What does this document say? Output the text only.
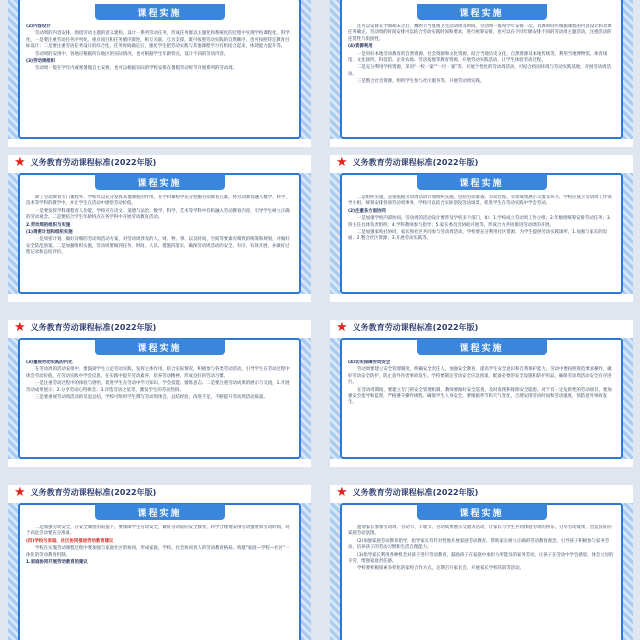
课程实施

(2)内容设计

劳动周的内容安排，围绕劳动主题的意义建构，设计一系列劳动任务，形成任务群以主题化和系统化的过程中实现学校课程化、科学化，一是要注重劳动任务序列化，重点项目和任务循序渐进，相互关联，互为支撑，既可按照劳动实践的自然顺序，也可按照特定教育目标设计；二是要注重劳动任务设计的综合化，任务时间确定后，强化学生把劳动实践与其他课程学习有机结合起来，体现能力提升等。

劳动周的安排中，各地应根据所在地区的实际情况，也可根据学生年龄特点，设计不同的劳动内容。

(3)劳动周组织

劳动周一般在学年内或寒暑假自主安排，也可以根据实际的学校安排在暑假劳动时节开展系列的劳动周。

课程实施

还可以安排在学期期末之后，精附节当复图卫生活动周等时间，劳动周一般每学年安排一次，具体时间可根据课程的内容设计和具体任务确定。劳动周的时间安排可以结合劳动实践时间和要求，进行统筹安排，也可以在不同年级安排不同的劳动周主题活动，注重活动的连贯性与衔接性。

(4)资源利用

一是用好本地劳动教育的自然资源、社会资源和文化资源，结合当地历史文化、自然资源及本地传统等，利用当地博物馆、体育场馆、文化场所、科技馆、企业农场、劳动基地等教育资源，开展劳动实践活动，让学生体验劳动过程。

二是充分利用学校资源，采用"一校一案""一区一案"等，开展个性化的劳动周活动，可结合校园环境与劳动实践基地，开展劳动周活动。

三是整合社会资源，组织学生参与社区服务等，开展劳动周实践。

★ 义务教育劳动课程标准(2022年版)
课程实施

除了劳动教育专门课程外，学校可以充分发挥其他课程的作用，在学科课程中充分挖掘劳动教育元素，将劳动教育融入数学、科学、技术等学科的教学中，并让学生在活动中感悟劳动价值。

一是要发挥学科课程育人功能，学校可在语文、道德与法治、数学、科学、艺术等学科中有机融入劳动教育内容，引导学生树立正确的劳动观念。二是要结合学生年龄特点在各学科中开展劳动教育活动。

2.劳动周的组织与实施

(1)周密计划和组织实施

一是周密计划，做好详细的劳动周活动方案，对劳动周涉及的人、财、物、事、以及时间、空间等要素有细致的统筹和规划，并做好安全防范预案。二是加强组织实施，劳动周要做到任务、时间、人员、措施四落实，确保劳动周活动的安全、有序、有效开展，并做好过程记录和总结评价。

★ 义务教育劳动课程标准(2022年版)
课程实施

二是组织实施，是指依据劳动周活动计划组织实施，包括劳动准备、劳动过程、劳动成果展示交流等环节，学校应成立劳动周工作领导小组，统筹安排各项劳动周事务，学校可以结合实际创设劳动场景，促进学生在劳动实践中学会劳动。

(2)注重各方面协同

一是加强学校内部协同。劳动周的活动设计要涉及学校多个部门，如：1.学校成立劳动周工作小组；2.年级组统筹安排劳动任务；3.班主任具体负责组织；4.学科教师参与指导；5.家长委员会协助开展等，形成合力共同推进劳动周的开展。

二是加强家校社协同，家长和社区共同参与劳动周活动，学校要充分利用社区资源，为学生提供劳动实践场所，1.加强与家长的沟通；2.整合社区资源；3.开展劳动实践等。

★ 义务教育劳动课程标准(2022年版)
课程实施

(3)重视劳动实践的内化

在劳动周的活动安排中，要鼓励学生立足劳动实践，发挥主体作用，结合实际情况，积极参与各类劳动活动，引导学生在劳动过程中体会劳动价值，在劳动实践中学会反思，在实践中提升劳动素养，培养劳动精神，形成良好的劳动习惯。

一是注重劳动过程中的体验与感悟，促进学生在劳动中学习知识、学会技能、锻炼意志；二是要注重劳动成果的展示与交流，1.开展劳动成果展示；2.分享劳动心得体会；3.评选劳动之星等，激发学生的劳动热情。

三是要重视劳动周活动的反思总结，学校可组织学生撰写劳动周体会，总结经验，改进不足，不断提升劳动周活动质量。

★ 义务教育劳动课程标准(2022年版)
课程实施

(4)切实保障劳动安全

劳动周要建立安全管理制度，明确安全责任人，加强安全教育，提高学生安全意识和自我保护能力。劳动中要按照规范要求操作，做好劳动安全防护，防止意外伤害事故发生。学校要制定劳动安全应急预案，配备必要的安全设施和防护用品，确保劳动周活动安全有序进行。

在劳动周期间，要建立专门的安全管理机制，教师要做好安全巡查，及时发现和排除安全隐患。对于有一定危险性的劳动项目，要加强安全指导和监督，严格遵守操作规程，确保学生人身安全。要根据季节和天气变化，合理安排劳动时间和劳动强度，预防意外事故发生。

★ 义务教育劳动课程标准(2022年版)
课程实施

二是加强劳动安全，在安全制度的前提下，要保障学生劳动安全，做好劳动前的安全教育，科学合理地安排劳动强度和劳动时间，对于高危劳动要充分准备。

(四)学校与家庭、社区协同推进劳动教育建议

学校在实施劳动课程过程中要加强与家庭社区的协同，形成家庭、学校、社会协同育人的劳动教育格局，构建"家庭—学校—社区"一体化的劳动教育机制。

1.家庭协同开展劳动教育的建议

★ 义务教育劳动课程标准(2022年版)
课程实施

邀请家长参加劳动周、劳动节、丰收节、劳动成果展示交流等活动，让家长与学生共同体验劳动的快乐，分享劳动成果，营造良好的家庭劳动氛围。

(2)加强家庭劳动教育指导，指导家长有针对性地开展家庭劳动教育，帮助家长树立正确的劳动教育观念，引导孩子积极参与家务劳动，培养孩子的劳动习惯和生活自理能力。

(3)指导家长利用各种机会对孩子进行劳动教育，鼓励孩子在家庭中承担力所能及的家务劳动，让孩子在劳动中学会感恩，体会父母的辛劳，增强家庭责任感。

学校要积极探索多样化的家校合作方式，定期召开家长会，开展家长学校培训等活动。
